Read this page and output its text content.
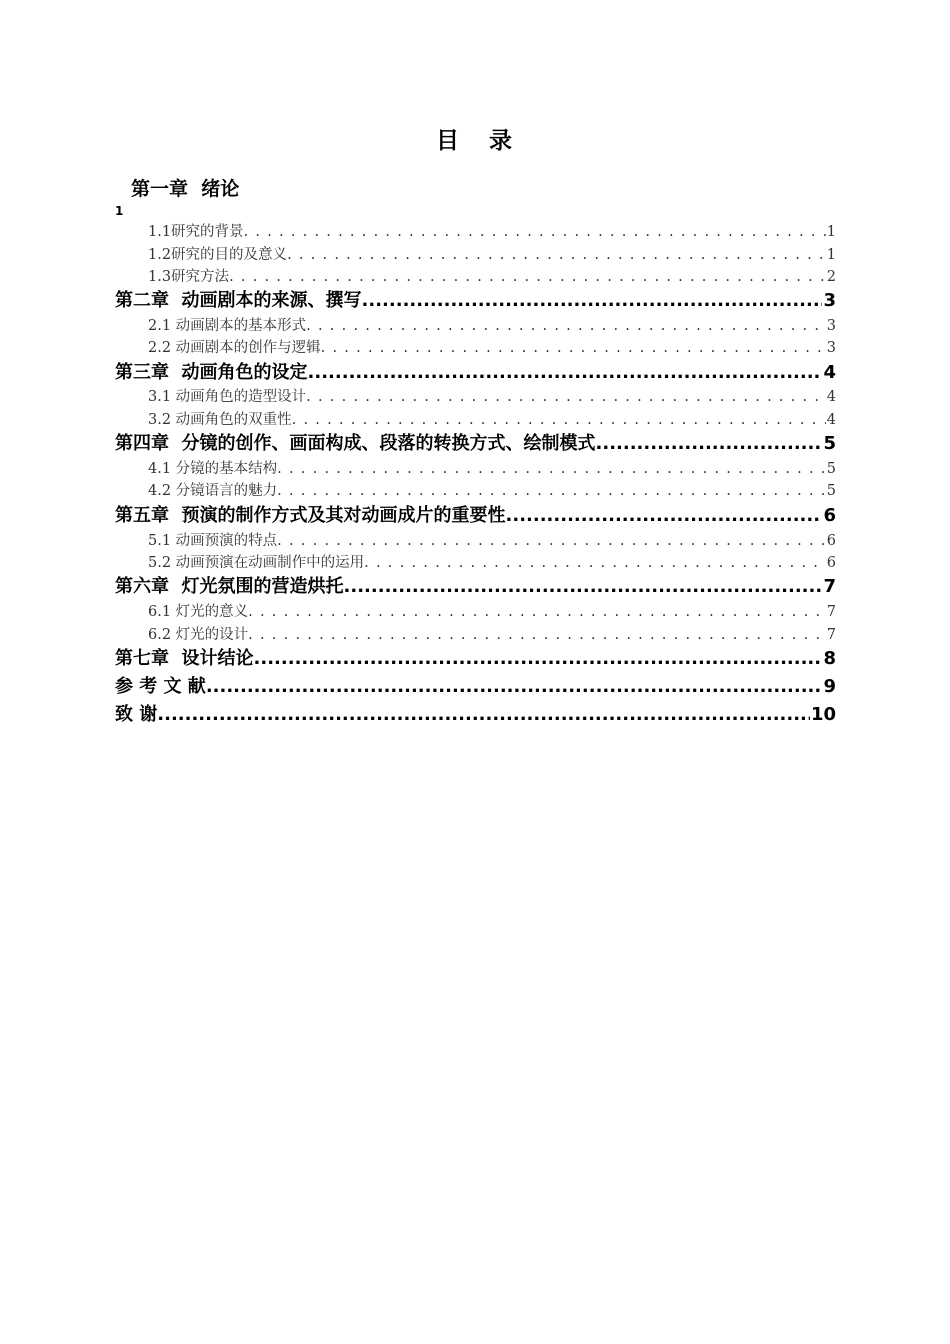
目 录
第一章  绪论
1
1.1研究的背景 . . .	1
1.2研究的目的及意义 . . .	1
1.3研究方法 . . .	2
第二章  动画剧本的来源、撰写 .....	3
2.1 动画剧本的基本形式 . . .	3
2.2 动画剧本的创作与逻辑 . . .	3
第三章  动画角色的设定 .....	4
3.1 动画角色的造型设计 . . .	4
3.2 动画角色的双重性 . . .	4
第四章  分镜的创作、画面构成、段落的转换方式、绘制模式 .....	5
4.1 分镜的基本结构 . . .	5
4.2 分镜语言的魅力 . . .	5
第五章  预演的制作方式及其对动画成片的重要性 .....	6
5.1 动画预演的特点 . . .	6
5.2 动画预演在动画制作中的运用 . . .	6
第六章  灯光氛围的营造烘托 .....	7
6.1 灯光的意义 . . .	7
6.2 灯光的设计 . . .	7
第七章  设计结论 .....	8
参 考 文 献 .....	9
致 谢 .....	10
